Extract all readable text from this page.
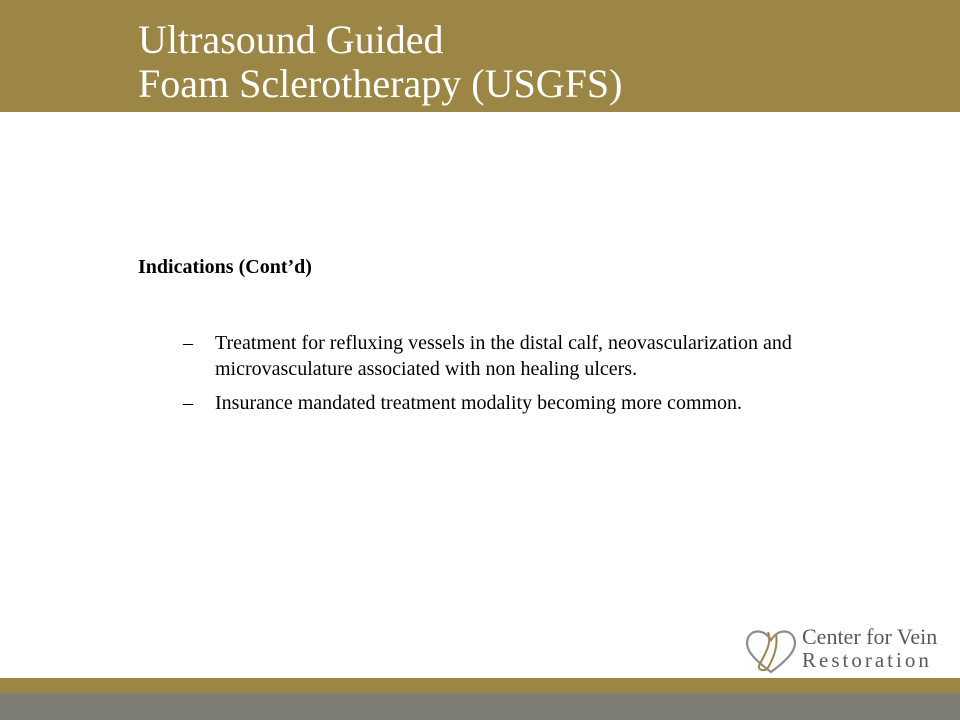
Ultrasound Guided
Foam Sclerotherapy (USGFS)
Indications (Cont’d)
– Treatment for refluxing vessels in the distal calf, neovascularization and microvasculature associated with non healing ulcers.
– Insurance mandated treatment modality becoming more common.
Center for Vein
Restoration
